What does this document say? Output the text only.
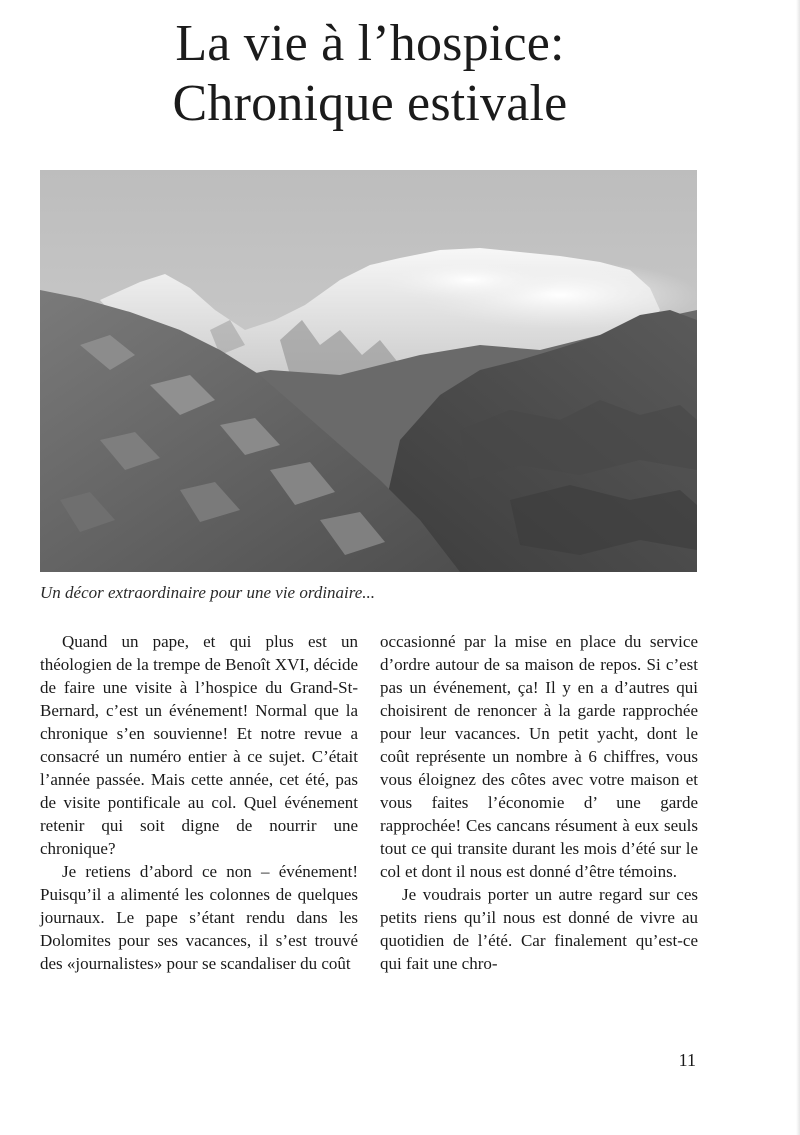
La vie à l’hospice:
Chronique estivale

Un décor extraordinaire pour une vie ordinaire...

Quand un pape, et qui plus est un théologien de la trempe de Benoît XVI, décide de faire une visite à l’hospice du Grand-St-Bernard, c’est un événement! Normal que la chronique s’en souvienne! Et notre revue a consacré un numéro entier à ce sujet. C’était l’année passée. Mais cette année, cet été, pas de visite pontificale au col. Quel événement retenir qui soit digne de nourrir une chronique?

Je retiens d’abord ce non – événement! Puisqu’il a alimenté les colonnes de quelques journaux. Le pape s’étant rendu dans les Dolomites pour ses vacances, il s’est trouvé des «journalistes» pour se scandaliser du coût

occasionné par la mise en place du service d’ordre autour de sa maison de repos. Si c’est pas un événement, ça! Il y en a d’autres qui choisirent de renoncer à la garde rapprochée pour leur vacances. Un petit yacht, dont le coût représente un nombre à 6 chiffres, vous vous éloignez des côtes avec votre maison et vous faites l’économie d’ une garde rapprochée! Ces cancans résument à eux seuls tout ce qui transite durant les mois d’été sur le col et dont il nous est donné d’être témoins.

Je voudrais porter un autre regard sur ces petits riens qu’il nous est donné de vivre au quotidien de l’été. Car finalement qu’est-ce qui fait une chro-

11
